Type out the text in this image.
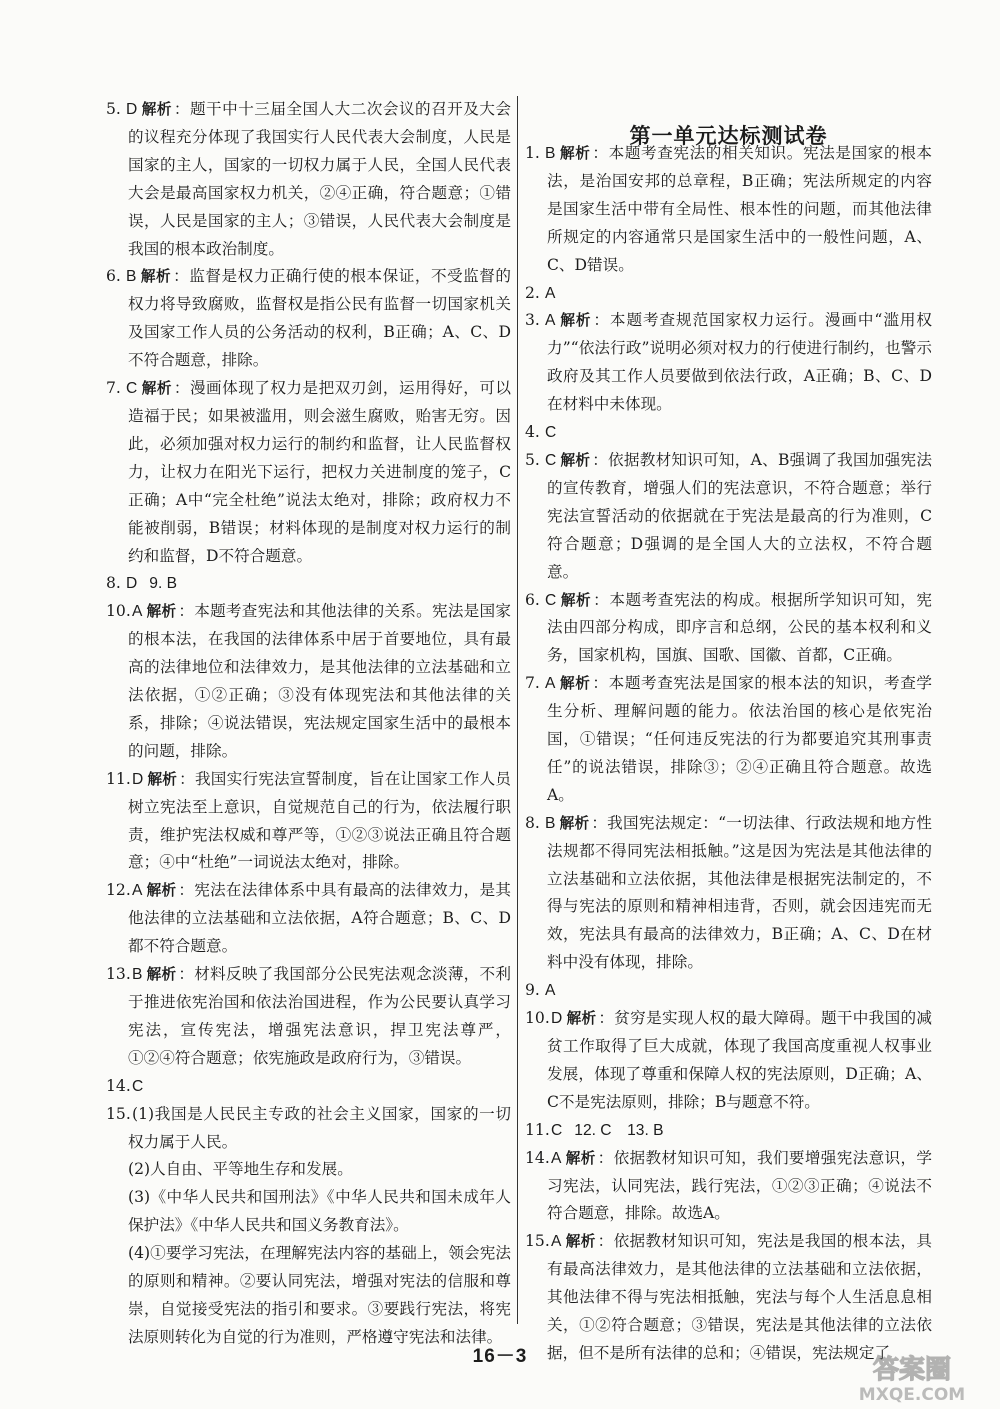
5. D 解析 ：题干中十三届全国人大二次会议的召开及大会的议程充分体现了我国实行人民代表大会制度，人民是国家的主人，国家的一切权力属于人民，全国人民代表大会是最高国家权力机关，②④正确，符合题意；①错误，人民是国家的主人；③错误，人民代表大会制度是我国的根本政治制度。

6. B 解析 ：监督是权力正确行使的根本保证，不受监督的权力将导致腐败，监督权是指公民有监督一切国家机关及国家工作人员的公务活动的权利，B正确；A、C、D不符合题意，排除。

7. C 解析 ：漫画体现了权力是把双刃剑，运用得好，可以造福于民；如果被滥用，则会滋生腐败，贻害无穷。因此，必须加强对权力运行的制约和监督，让人民监督权力，让权力在阳光下运行，把权力关进制度的笼子，C正确；A中“完全杜绝”说法太绝对，排除；政府权力不能被削弱，B错误；材料体现的是制度对权力运行的制约和监督，D不符合题意。

8. D 9. B

10.A 解析 ：本题考查宪法和其他法律的关系。宪法是国家的根本法，在我国的法律体系中居于首要地位，具有最高的法律地位和法律效力，是其他法律的立法基础和立法依据，①②正确；③没有体现宪法和其他法律的关系，排除；④说法错误，宪法规定国家生活中的最根本的问题，排除。

11.D 解析 ：我国实行宪法宣誓制度，旨在让国家工作人员树立宪法至上意识，自觉规范自己的行为，依法履行职责，维护宪法权威和尊严等，①②③说法正确且符合题意；④中“杜绝”一词说法太绝对，排除。

12.A 解析 ：宪法在法律体系中具有最高的法律效力，是其他法律的立法基础和立法依据，A符合题意；B、C、D都不符合题意。

13.B 解析 ：材料反映了我国部分公民宪法观念淡薄，不利于推进依宪治国和依法治国进程，作为公民要认真学习宪法，宣传宪法，增强宪法意识，捍卫宪法尊严，①②④符合题意；依宪施政是政府行为，③错误。

14.C

15.(1)我国是人民民主专政的社会主义国家，国家的一切权力属于人民。

(2)人自由、平等地生存和发展。

(3)《中华人民共和国刑法》《中华人民共和国未成年人保护法》《中华人民共和国义务教育法》。

(4)①要学习宪法，在理解宪法内容的基础上，领会宪法的原则和精神。②要认同宪法，增强对宪法的信服和尊崇，自觉接受宪法的指引和要求。③要践行宪法，将宪法原则转化为自觉的行为准则，严格遵守宪法和法律。

第一单元达标测试卷

1. B 解析 ：本题考查宪法的相关知识。宪法是国家的根本法，是治国安邦的总章程，B正确；宪法所规定的内容是国家生活中带有全局性、根本性的问题，而其他法律所规定的内容通常只是国家生活中的一般性问题，A、C、D错误。

2. A

3. A 解析 ：本题考查规范国家权力运行。漫画中“滥用权力”“依法行政”说明必须对权力的行使进行制约，也警示政府及其工作人员要做到依法行政，A正确；B、C、D在材料中未体现。

4. C

5. C 解析 ：依据教材知识可知，A、B强调了我国加强宪法的宣传教育，增强人们的宪法意识，不符合题意；举行宪法宣誓活动的依据就在于宪法是最高的行为准则，C符合题意；D强调的是全国人大的立法权，不符合题意。

6. C 解析 ：本题考查宪法的构成。根据所学知识可知，宪法由四部分构成，即序言和总纲，公民的基本权利和义务，国家机构，国旗、国歌、国徽、首都，C正确。

7. A 解析 ：本题考查宪法是国家的根本法的知识，考查学生分析、理解问题的能力。依法治国的核心是依宪治国，①错误；“任何违反宪法的行为都要追究其刑事责任”的说法错误，排除③；②④正确且符合题意。故选A。

8. B 解析 ：我国宪法规定：“一切法律、行政法规和地方性法规都不得同宪法相抵触。”这是因为宪法是其他法律的立法基础和立法依据，其他法律是根据宪法制定的，不得与宪法的原则和精神相违背，否则，就会因违宪而无效，宪法具有最高的法律效力，B正确；A、C、D在材料中没有体现，排除。

9. A

10.D 解析 ：贫穷是实现人权的最大障碍。题干中我国的减贫工作取得了巨大成就，体现了我国高度重视人权事业发展，体现了尊重和保障人权的宪法原则，D正确；A、C不是宪法原则，排除；B与题意不符。

11.C 12. C　13. B

14.A 解析 ：依据教材知识可知，我们要增强宪法意识，学习宪法，认同宪法，践行宪法，①②③正确；④说法不符合题意，排除。故选A。

15.A 解析 ：依据教材知识可知，宪法是我国的根本法，具有最高法律效力，是其他法律的立法基础和立法依据，其他法律不得与宪法相抵触，宪法与每个人生活息息相关，①②符合题意；③错误，宪法是其他法律的立法依据，但不是所有法律的总和；④错误，宪法规定了

16－3	答案圈
MXQE.COM
